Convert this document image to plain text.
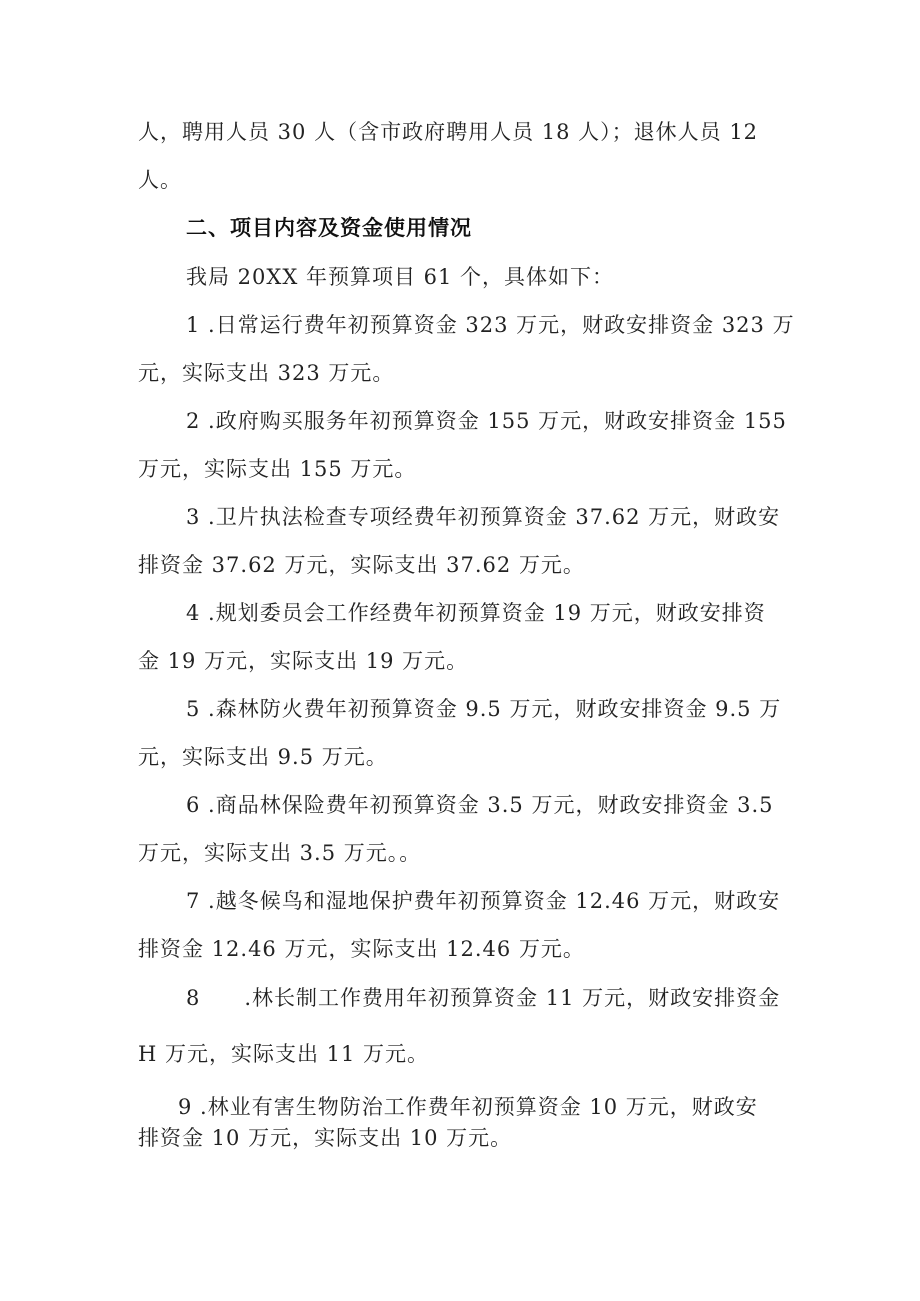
人，聘用人员 30 人（含市政府聘用人员 18 人）；退休人员 12
人。
二、项目内容及资金使用情况
我局 20XX 年预算项目 61 个，具体如下：
1 .日常运行费年初预算资金 323 万元，财政安排资金 323 万
元，实际支出 323 万元。
2 .政府购买服务年初预算资金 155 万元，财政安排资金 155
万元，实际支出 155 万元。
3 .卫片执法检查专项经费年初预算资金 37.62 万元，财政安
排资金 37.62 万元，实际支出 37.62 万元。
4 .规划委员会工作经费年初预算资金 19 万元，财政安排资
金 19 万元，实际支出 19 万元。
5 .森林防火费年初预算资金 9.5 万元，财政安排资金 9.5 万
元，实际支出 9.5 万元。
6 .商品林保险费年初预算资金 3.5 万元，财政安排资金 3.5
万元，实际支出 3.5 万元。。
7 .越冬候鸟和湿地保护费年初预算资金 12.46 万元，财政安
排资金 12.46 万元，实际支出 12.46 万元。
8　　.林长制工作费用年初预算资金 11 万元，财政安排资金
H 万元，实际支出 11 万元。
9 .林业有害生物防治工作费年初预算资金 10 万元，财政安
排资金 10 万元，实际支出 10 万元。
